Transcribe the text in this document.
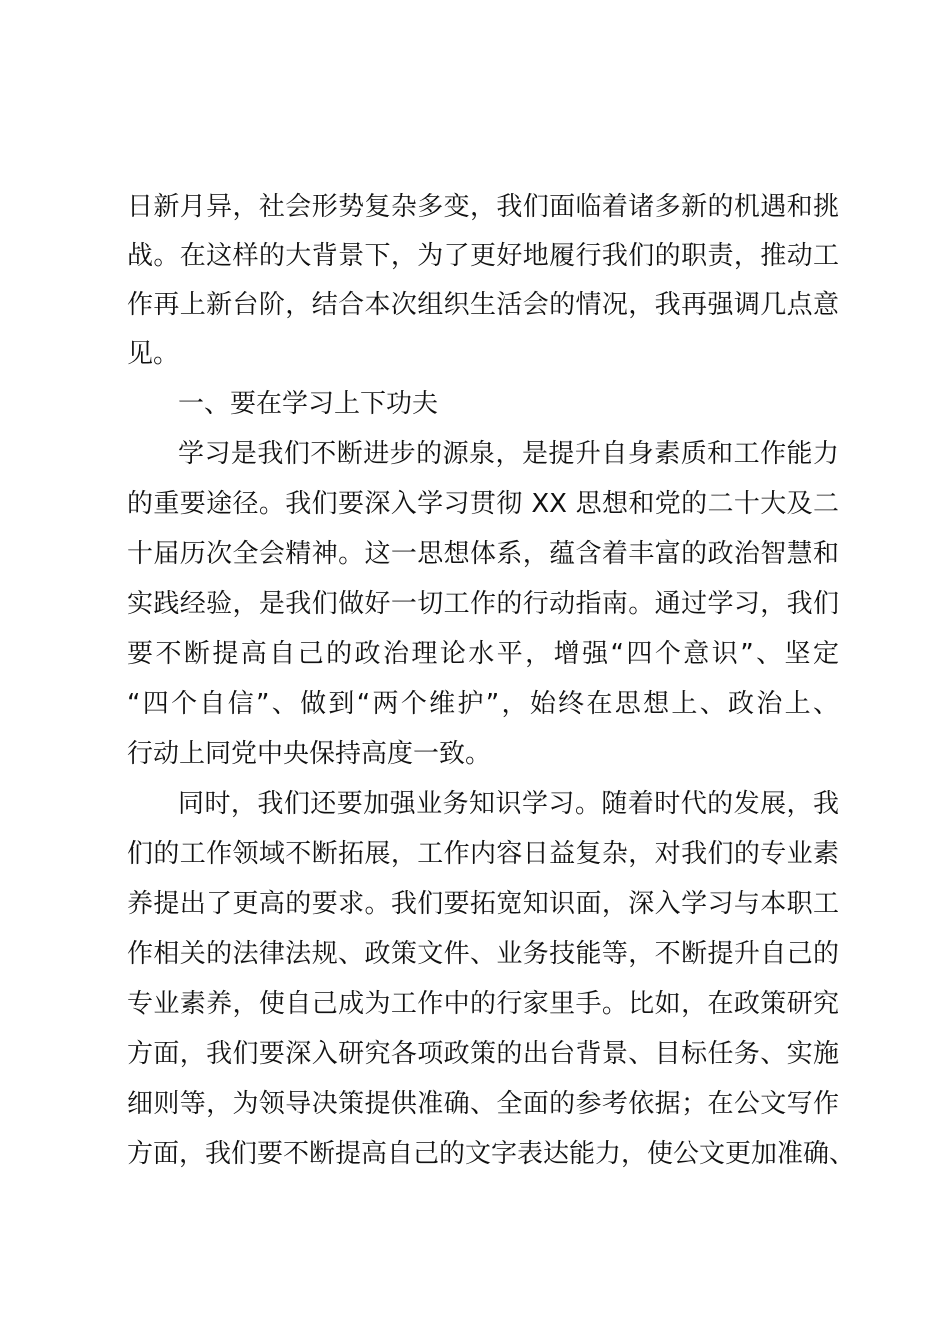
日新月异，社会形势复杂多变，我们面临着诸多新的机遇和挑
战。在这样的大背景下，为了更好地履行我们的职责，推动工
作再上新台阶，结合本次组织生活会的情况，我再强调几点意
见。
一、要在学习上下功夫
学习是我们不断进步的源泉，是提升自身素质和工作能力
的重要途径。我们要深入学习贯彻 XX 思想和党的二十大及二
十届历次全会精神。这一思想体系，蕴含着丰富的政治智慧和
实践经验，是我们做好一切工作的行动指南。通过学习，我们
要不断提高自己的政治理论水平，增强“四个意识”、坚定
“四个自信”、做到“两个维护”，始终在思想上、政治上、
行动上同党中央保持高度一致。
同时，我们还要加强业务知识学习。随着时代的发展，我
们的工作领域不断拓展，工作内容日益复杂，对我们的专业素
养提出了更高的要求。我们要拓宽知识面，深入学习与本职工
作相关的法律法规、政策文件、业务技能等，不断提升自己的
专业素养，使自己成为工作中的行家里手。比如，在政策研究
方面，我们要深入研究各项政策的出台背景、目标任务、实施
细则等，为领导决策提供准确、全面的参考依据；在公文写作
方面，我们要不断提高自己的文字表达能力，使公文更加准确、
